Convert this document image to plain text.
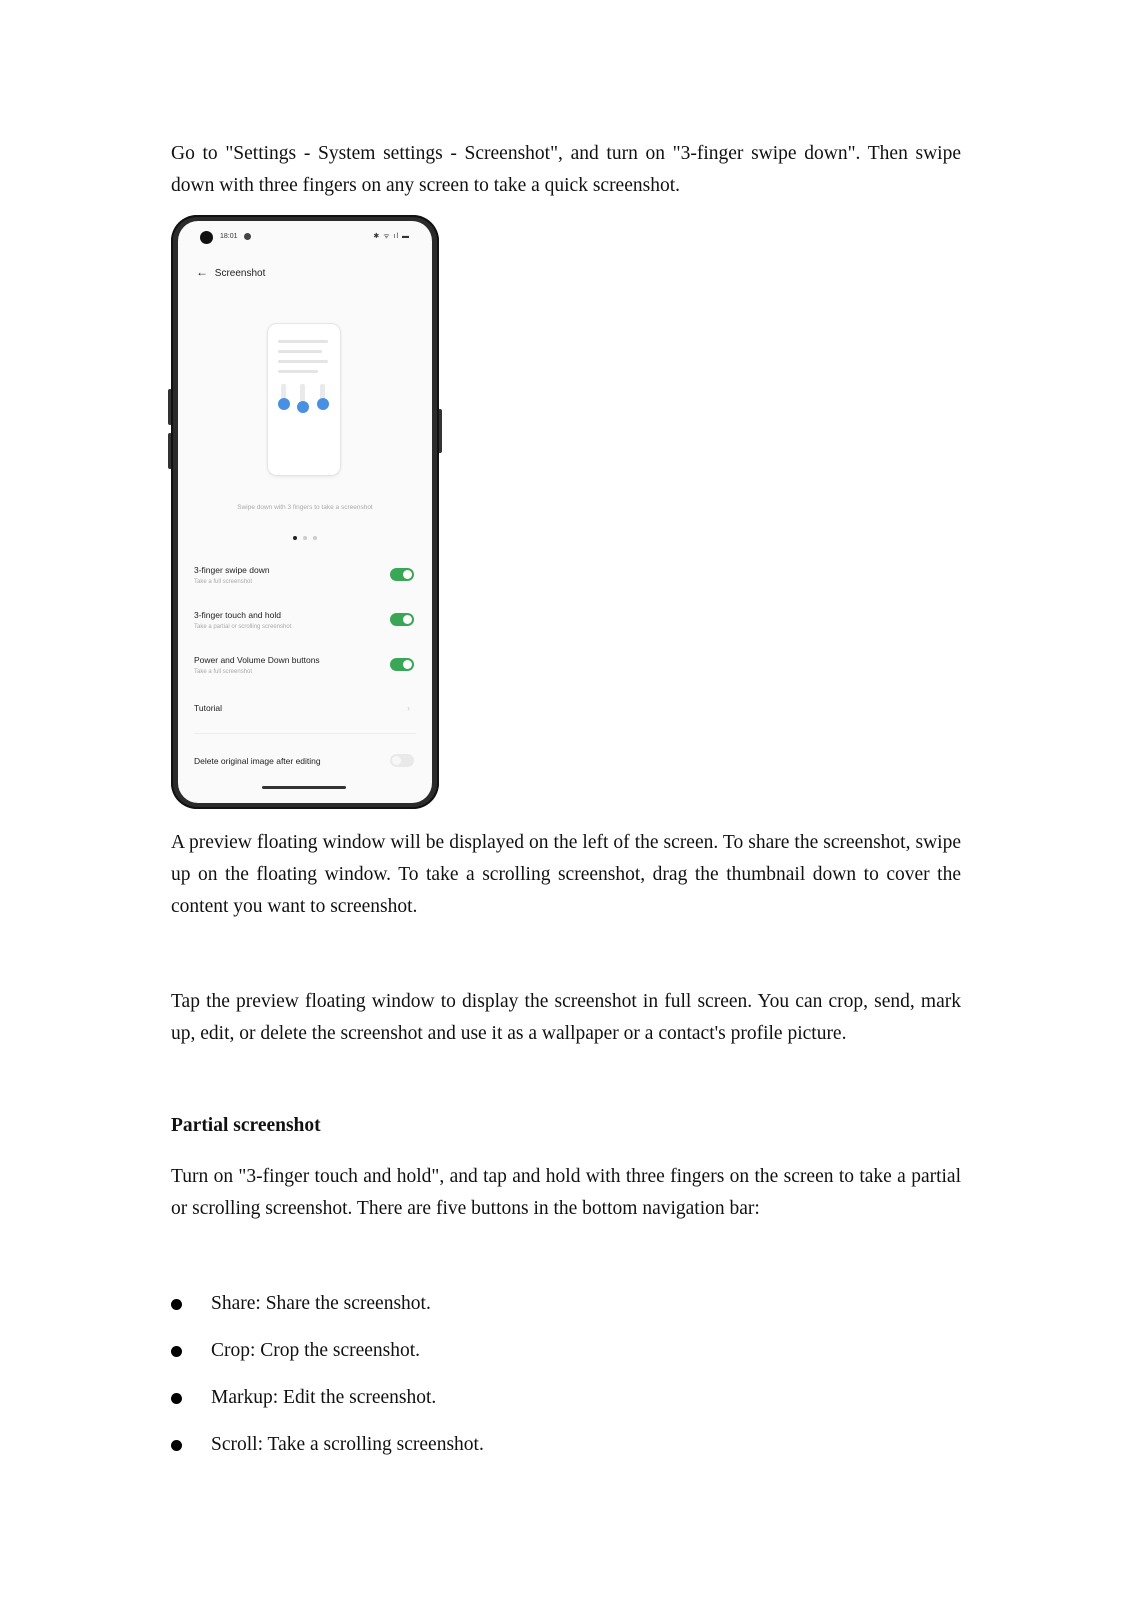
Go to "Settings - System settings - Screenshot", and turn on "3-finger swipe down". Then swipe down with three fingers on any screen to take a quick screenshot.

18:01	✱ ᯤ ıl ▬
← Screenshot
Swipe down with 3 fingers to take a screenshot
3-finger swipe down
Take a full screenshot
3-finger touch and hold
Take a partial or scrolling screenshot
Power and Volume Down buttons
Take a full screenshot
Tutorial	›
Delete original image after editing

A preview floating window will be displayed on the left of the screen. To share the screenshot, swipe up on the floating window. To take a scrolling screenshot, drag the thumbnail down to cover the content you want to screenshot.

Tap the preview floating window to display the screenshot in full screen. You can crop, send, mark up, edit, or delete the screenshot and use it as a wallpaper or a contact's profile picture.

Partial screenshot

Turn on "3-finger touch and hold", and tap and hold with three fingers on the screen to take a partial or scrolling screenshot. There are five buttons in the bottom navigation bar:

Share: Share the screenshot.
Crop: Crop the screenshot.
Markup: Edit the screenshot.
Scroll: Take a scrolling screenshot.
